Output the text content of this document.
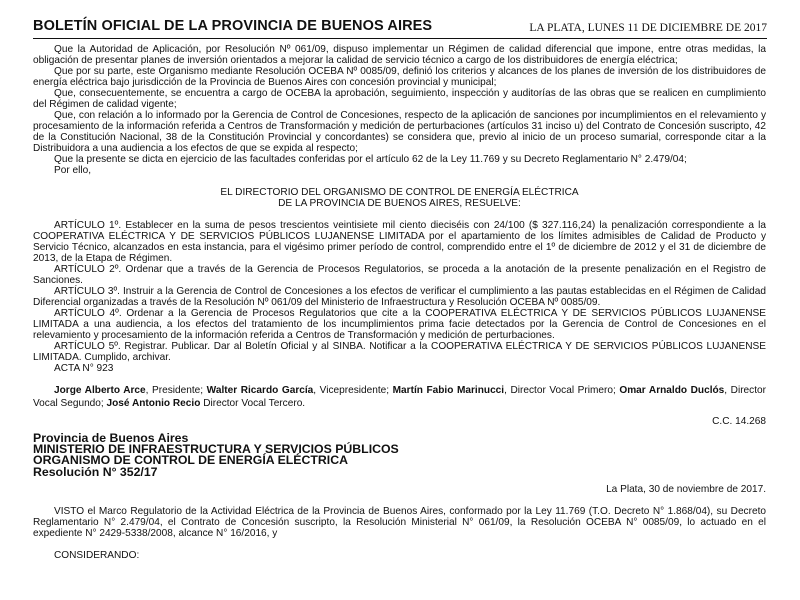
BOLETÍN OFICIAL DE LA PROVINCIA DE BUENOS AIRES	LA PLATA, LUNES 11 DE DICIEMBRE DE 2017

Que la Autoridad de Aplicación, por Resolución Nº 061/09, dispuso implementar un Régimen de calidad diferencial que impone, entre otras medidas, la obligación de presentar planes de inversión orientados a mejorar la calidad de servicio técnico a cargo de los distribuidores de energía eléctrica;

Que por su parte, este Organismo mediante Resolución OCEBA Nº 0085/09, definió los criterios y alcances de los planes de inversión de los distribuidores de energía eléctrica bajo jurisdicción de la Provincia de Buenos Aires con concesión provincial y municipal;

Que, consecuentemente, se encuentra a cargo de OCEBA la aprobación, seguimiento, inspección y auditorías de las obras que se realicen en cumplimiento del Régimen de calidad vigente;

Que, con relación a lo informado por la Gerencia de Control de Concesiones, respecto de la aplicación de sanciones por incumplimientos en el relevamiento y procesamiento de la información referida a Centros de Transformación y medición de perturbaciones (artículos 31 inciso u) del Contrato de Concesión suscripto, 42 de la Constitución Nacional, 38 de la Constitución Provincial y concordantes) se considera que, previo al inicio de un proceso sumarial, corresponde citar a la Distribuidora a una audiencia a los efectos de que se expida al respecto;

Que la presente se dicta en ejercicio de las facultades conferidas por el artículo 62 de la Ley 11.769 y su Decreto Reglamentario N° 2.479/04;

Por ello,

EL DIRECTORIO DEL ORGANISMO DE CONTROL DE ENERGÍA ELÉCTRICA

DE LA PROVINCIA DE BUENOS AIRES, RESUELVE:

ARTÍCULO 1º. Establecer en la suma de pesos trescientos veintisiete mil ciento dieciséis con 24/100 ($ 327.116,24) la penalización correspondiente a la COOPERATIVA ELÉCTRICA Y DE SERVICIOS PÚBLICOS LUJANENSE LIMITADA por el apartamiento de los límites admisibles de Calidad de Producto y Servicio Técnico, alcanzados en esta instancia, para el vigésimo primer período de control, comprendido entre el 1º de diciembre de 2012 y el 31 de diciembre de 2013, de la Etapa de Régimen.

ARTÍCULO 2º. Ordenar que a través de la Gerencia de Procesos Regulatorios, se proceda a la anotación de la presente penalización en el Registro de Sanciones.

ARTÍCULO 3º. Instruir a la Gerencia de Control de Concesiones a los efectos de verificar el cumplimiento a las pautas establecidas en el Régimen de Calidad Diferencial organizadas a través de la Resolución Nº 061/09 del Ministerio de Infraestructura y Resolución OCEBA Nº 0085/09.

ARTÍCULO 4º. Ordenar a la Gerencia de Procesos Regulatorios que cite a la COOPERATIVA ELÉCTRICA Y DE SERVICIOS PÚBLICOS LUJANENSE LIMITADA a una audiencia, a los efectos del tratamiento de los incumplimientos prima facie detectados por la Gerencia de Control de Concesiones en el relevamiento y procesamiento de la información referida a Centros de Transformación y medición de perturbaciones.

ARTÍCULO 5º. Registrar. Publicar. Dar al Boletín Oficial y al SINBA. Notificar a la COOPERATIVA ELÉCTRICA Y DE SERVICIOS PÚBLICOS LUJANENSE LIMITADA. Cumplido, archivar.

ACTA N° 923

Jorge Alberto Arce, Presidente; Walter Ricardo García, Vicepresidente; Martín Fabio Marinucci, Director Vocal Primero; Omar Arnaldo Duclós, Director Vocal Segundo; José Antonio Recio Director Vocal Tercero.

C.C. 14.268

Provincia de Buenos Aires
MINISTERIO DE INFRAESTRUCTURA Y SERVICIOS PÚBLICOS
ORGANISMO DE CONTROL DE ENERGÍA ELÉCTRICA
Resolución N° 352/17

La Plata, 30 de noviembre de 2017.

VISTO el Marco Regulatorio de la Actividad Eléctrica de la Provincia de Buenos Aires, conformado por la Ley 11.769 (T.O. Decreto N° 1.868/04), su Decreto Reglamentario N° 2.479/04, el Contrato de Concesión suscripto, la Resolución Ministerial N° 061/09, la Resolución OCEBA N° 0085/09, lo actuado en el expediente N° 2429-5338/2008, alcance N° 16/2016, y

CONSIDERANDO:
